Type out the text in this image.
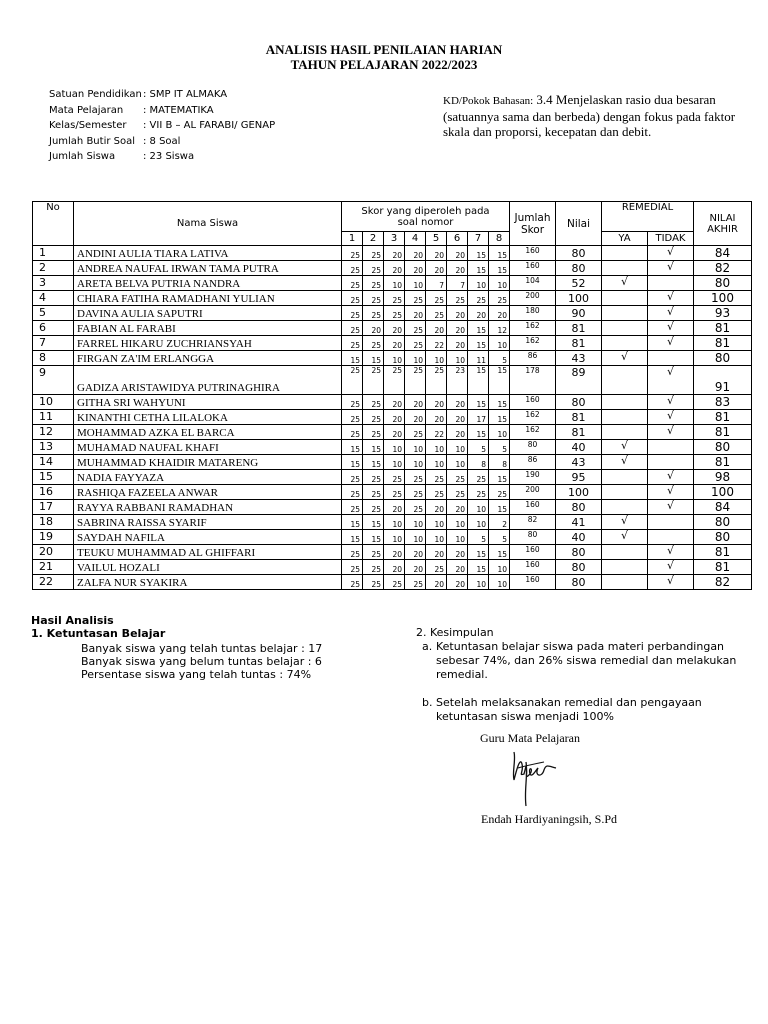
ANALISIS HASIL PENILAIAN HARIAN
TAHUN PELAJARAN 2022/2023
Satuan Pendidikan : SMP IT ALMAKA
Mata Pelajaran	: MATEMATIKA
Kelas/Semester	: VII B – AL FARABI/ GENAP
Jumlah Butir Soal : 8 Soal
Jumlah Siswa	: 23 Siswa
KD/Pokok Bahasan: 3.4 Menjelaskan rasio dua besaran (satuannya sama dan berbeda) dengan fokus pada faktor skala dan proporsi, kecepatan dan debit.
No	Nama Siswa	Skor yang diperoleh pada soal nomor								Jumlah Skor	Nilai	REMEDIAL		NILAI AKHIR
		1	2	3	4	5	6	7	8			YA	TIDAK	
1	ANDINI AULIA TIARA LATIVA	25	25	20	20	20	20	15	15	160	80		√	84
2	ANDREA NAUFAL IRWAN TAMA PUTRA	25	25	20	20	20	20	15	15	160	80		√	82
3	ARETA BELVA PUTRIA NANDRA	25	25	10	10	7	7	10	10	104	52	√		80
4	CHIARA FATIHA RAMADHANI YULIAN	25	25	25	25	25	25	25	25	200	100		√	100
5	DAVINA AULIA SAPUTRI	25	25	25	20	25	20	20	20	180	90		√	93
6	FABIAN AL FARABI	25	20	20	25	20	20	15	12	162	81		√	81
7	FARREL HIKARU ZUCHRIANSYAH	25	25	20	25	22	20	15	10	162	81		√	81
8	FIRGAN ZA'IM ERLANGGA	15	15	10	10	10	10	11	5	86	43	√		80
9	GADIZA ARISTAWIDYA PUTRINAGHIRA	25	25	25	25	25	23	15	15	178	89		√	91
10	GITHA SRI WAHYUNI	25	25	20	20	20	20	15	15	160	80		√	83
11	KINANTHI CETHA LILALOKA	25	25	20	20	20	20	17	15	162	81		√	81
12	MOHAMMAD AZKA EL BARCA	25	25	20	25	22	20	15	10	162	81		√	81
13	MUHAMAD NAUFAL KHAFI	15	15	10	10	10	10	5	5	80	40	√		80
14	MUHAMMAD KHAIDIR MATARENG	15	15	10	10	10	10	8	8	86	43	√		81
15	NADIA FAYYAZA	25	25	25	25	25	25	25	15	190	95		√	98
16	RASHIQA FAZEELA ANWAR	25	25	25	25	25	25	25	25	200	100		√	100
17	RAYYA RABBANI RAMADHAN	25	25	20	25	20	20	10	15	160	80		√	84
18	SABRINA RAISSA SYARIF	15	15	10	10	10	10	10	2	82	41	√		80
19	SAYDAH NAFILA	15	15	10	10	10	10	5	5	80	40	√		80
20	TEUKU MUHAMMAD AL GHIFFARI	25	25	20	20	20	20	15	15	160	80		√	81
21	VAILUL HOZALI	25	25	20	20	25	20	15	10	160	80		√	81
22	ZALFA NUR SYAKIRA	25	25	25	25	20	20	10	10	160	80		√	82
Hasil Analisis
1. Ketuntasan Belajar
Banyak siswa yang telah tuntas belajar : 17
Banyak siswa yang belum tuntas belajar : 6
Persentase siswa yang telah tuntas : 74%
2. Kesimpulan
a. Ketuntasan belajar siswa pada materi perbandingan sebesar 74%, dan 26% siswa remedial dan melakukan remedial.
b. Setelah melaksanakan remedial dan pengayaan ketuntasan siswa menjadi 100%
Guru Mata Pelajaran
Endah Hardiyaningsih, S.Pd
